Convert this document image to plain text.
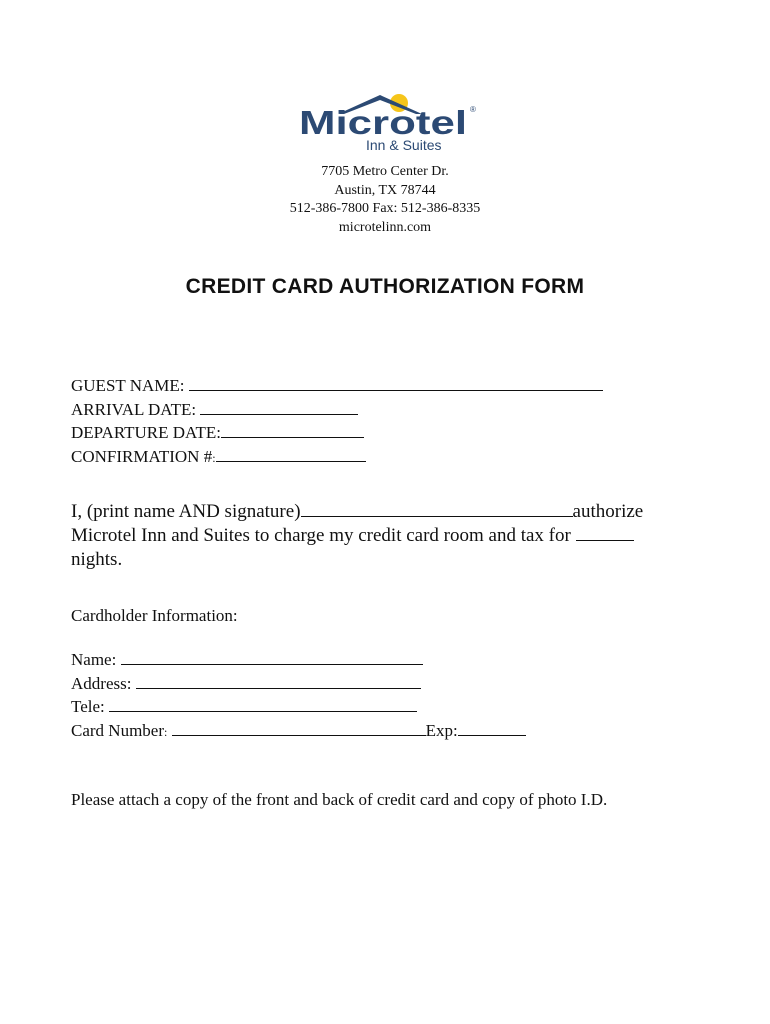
Microtel ®
Inn & Suites
7705 Metro Center Dr.
Austin, TX 78744
512-386-7800 Fax: 512-386-8335
microtelinn.com
CREDIT CARD AUTHORIZATION FORM
GUEST NAME:
ARRIVAL DATE:
DEPARTURE DATE:
CONFIRMATION #:
I, (print name AND signature)	authorize
Microtel Inn and Suites to charge my credit card room and tax for
nights.
Cardholder Information:
Name:
Address:
Tele:
Card Number:	Exp:
Please attach a copy of the front and back of credit card and copy of photo I.D.
